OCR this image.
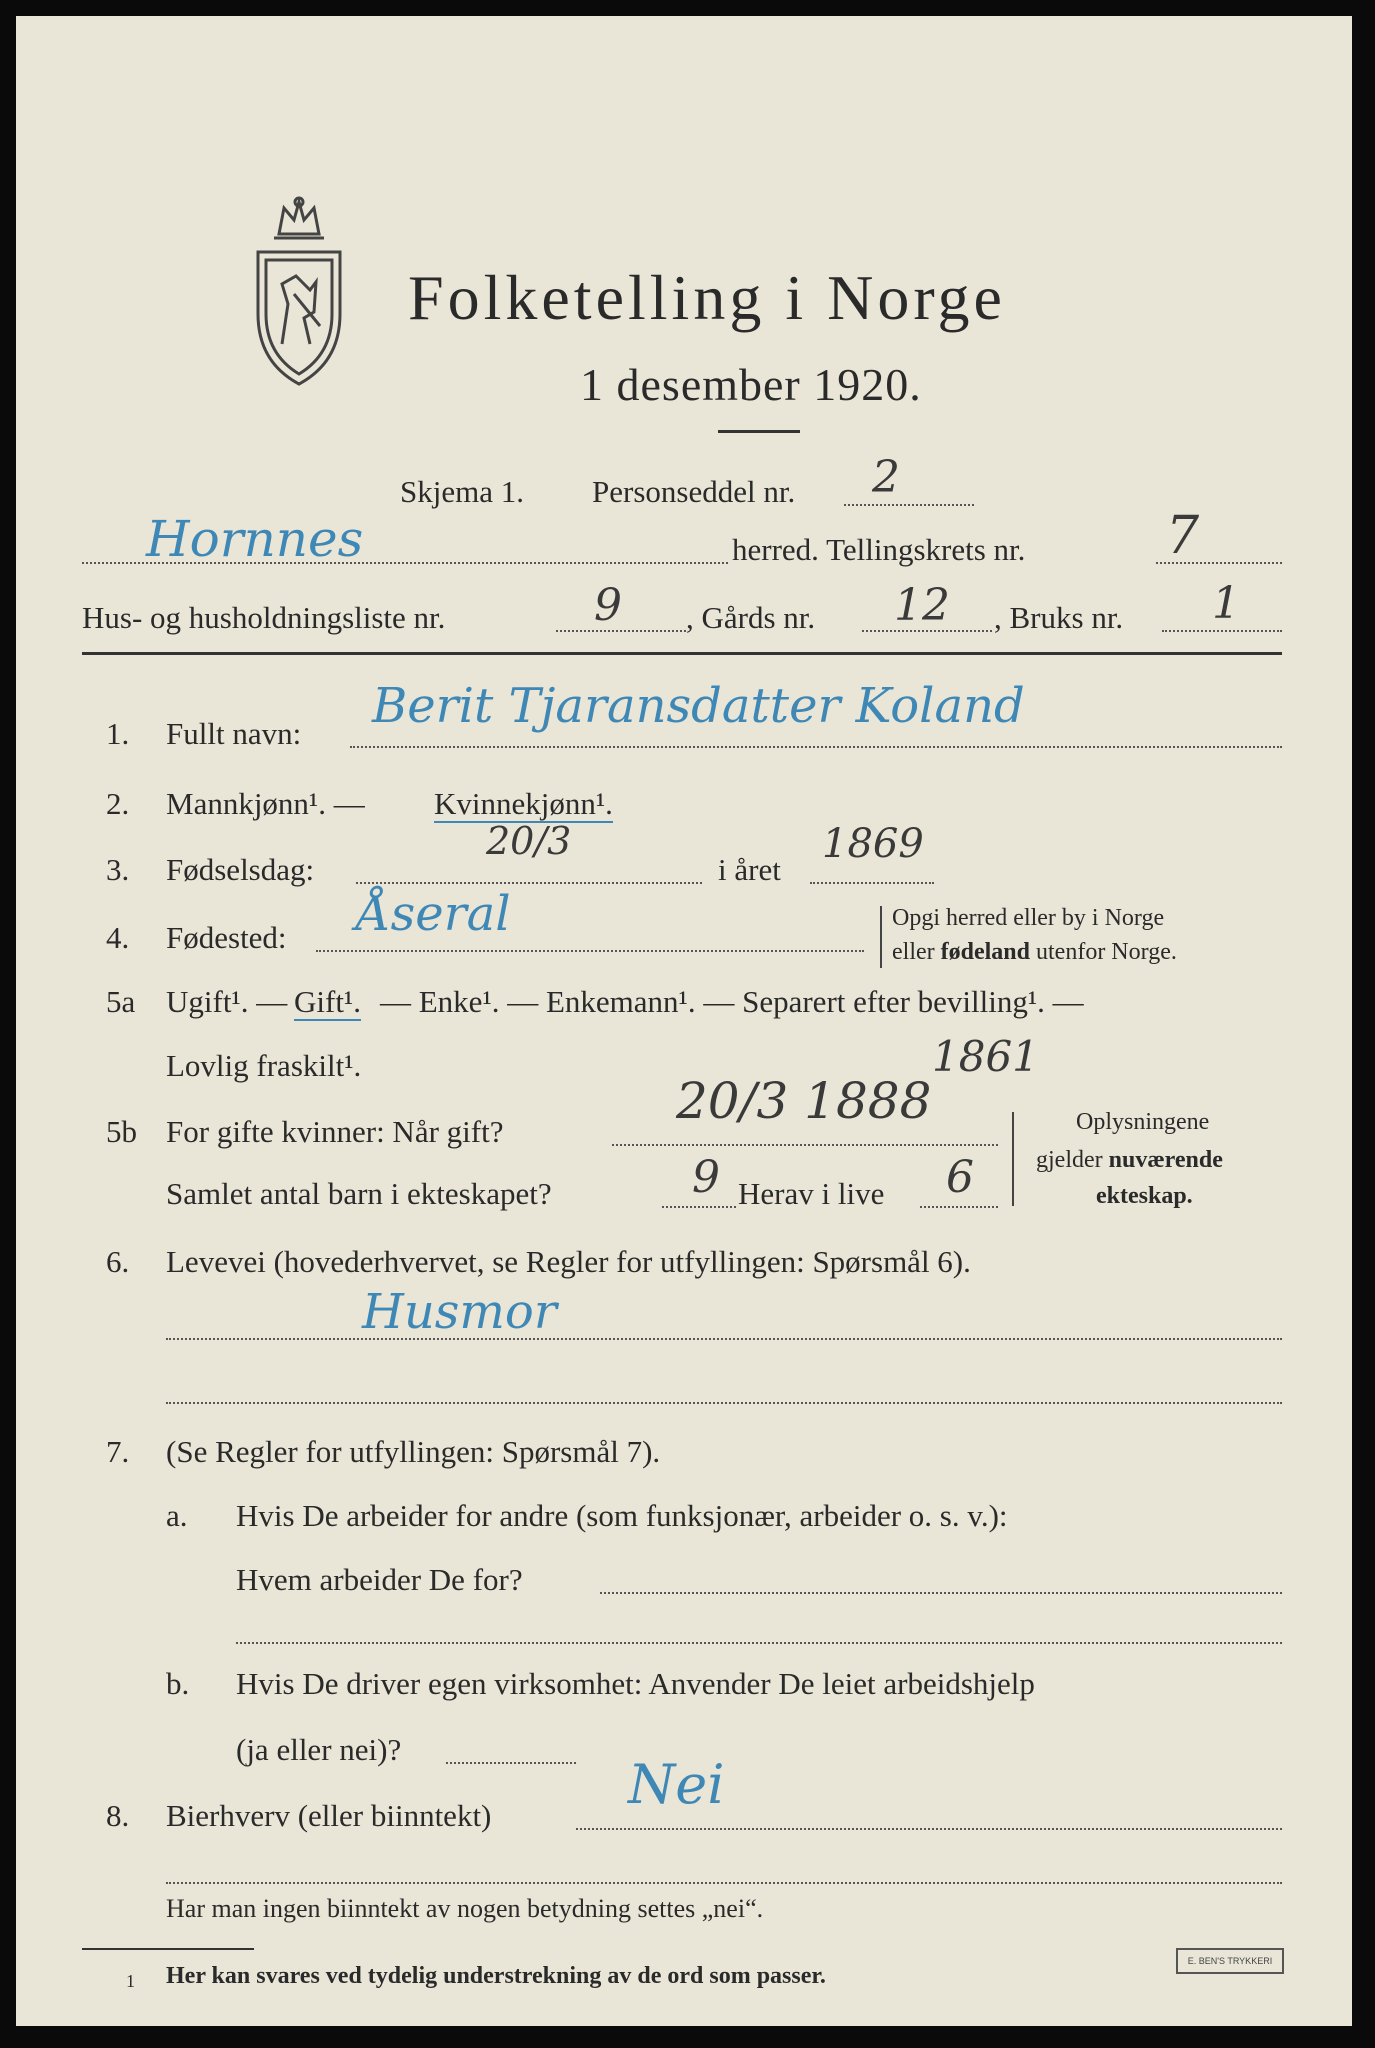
Folketelling i Norge
1 desember 1920.
Skjema 1. Personseddel nr. 2
Hornnes	herred. Tellingskrets nr.	7
Hus- og husholdningsliste nr.	9 , Gårds nr. 12 , Bruks nr. 1
1. Fullt navn: Berit Tjaransdatter Koland
2. Mannkjønn¹. — Kvinnekjønn¹.
3. Fødselsdag:
20/3
i året
1869
4. Fødested: Åseral	Opgi herred eller by i Norge
eller fødeland utenfor Norge.
5a Ugift¹. — Gift¹. — Enke¹. — Enkemann¹. — Separert efter bevilling¹. —
Lovlig fraskilt¹.	1861
5b For gifte kvinner: Når gift?
20/3 1888
Samlet antal barn i ekteskapet?	9 Herav i live 6
Oplysningene
gjelder nuværende
ekteskap.
6. Levevei (hovederhvervet, se Regler for utfyllingen: Spørsmål 6).
Husmor
7. (Se Regler for utfyllingen: Spørsmål 7).
a. Hvis De arbeider for andre (som funksjonær, arbeider o. s. v.):
Hvem arbeider De for?
b. Hvis De driver egen virksomhet: Anvender De leiet arbeidshjelp
(ja eller nei)?
8. Bierhverv (eller biinntekt)	Nei
Har man ingen biinntekt av nogen betydning settes „nei“.
1 Her kan svares ved tydelig understrekning av de ord som passer.
E. BEN'S TRYKKERI
